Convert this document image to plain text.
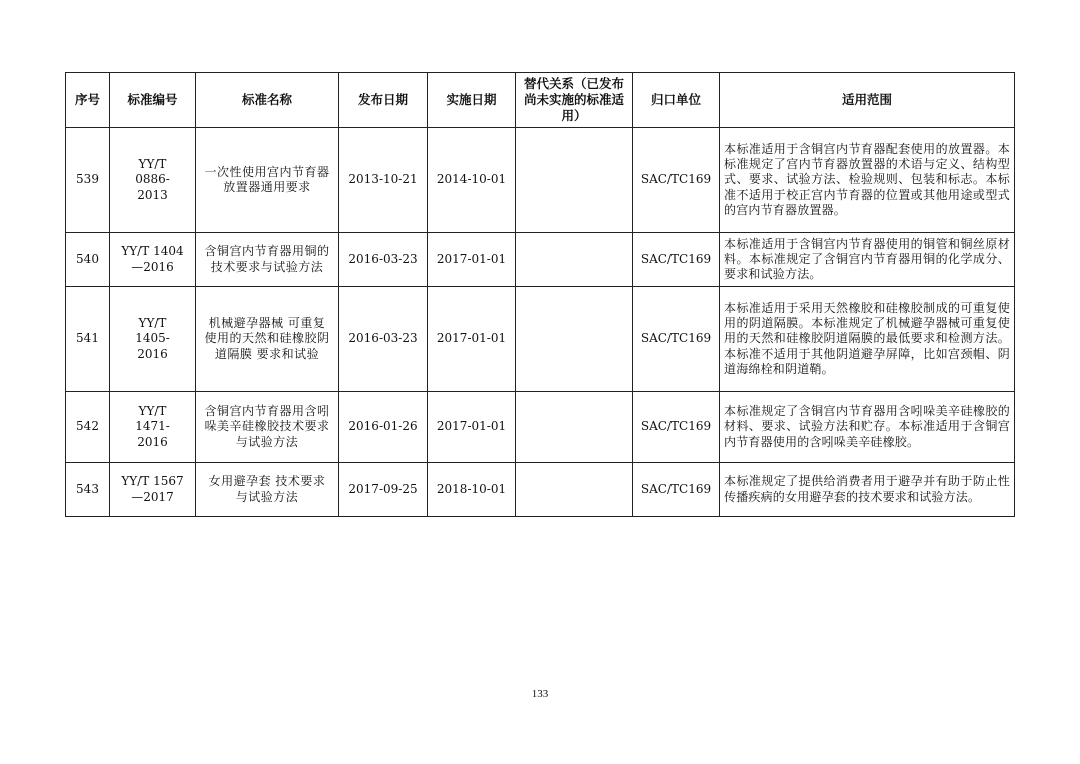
序号	标准编号	标准名称	发布日期	实施日期	替代关系（已发布尚未实施的标准适用）	归口单位	适用范围
539	YY/T 0886-2013	一次性使用宫内节育器放置器通用要求	2013-10-21	2014-10-01		SAC/TC169	本标准适用于含铜宫内节育器配套使用的放置器。本标准规定了宫内节育器放置器的术语与定义、结构型式、要求、试验方法、检验规则、包装和标志。本标准不适用于校正宫内节育器的位置或其他用途或型式的宫内节育器放置器。
540	YY/T 1404—2016	含铜宫内节育器用铜的技术要求与试验方法	2016-03-23	2017-01-01		SAC/TC169	本标准适用于含铜宫内节育器使用的铜管和铜丝原材料。本标准规定了含铜宫内节育器用铜的化学成分、要求和试验方法。
541	YY/T 1405-2016	机械避孕器械 可重复使用的天然和硅橡胶阴道隔膜 要求和试验	2016-03-23	2017-01-01		SAC/TC169	本标准适用于采用天然橡胶和硅橡胶制成的可重复使用的阴道隔膜。本标准规定了机械避孕器械可重复使用的天然和硅橡胶阴道隔膜的最低要求和检测方法。本标准不适用于其他阴道避孕屏障，比如宫颈帽、阴道海绵栓和阴道鞘。
542	YY/T 1471-2016	含铜宫内节育器用含吲哚美辛硅橡胶技术要求与试验方法	2016-01-26	2017-01-01		SAC/TC169	本标准规定了含铜宫内节育器用含吲哚美辛硅橡胶的材料、要求、试验方法和贮存。本标准适用于含铜宫内节育器使用的含吲哚美辛硅橡胶。
543	YY/T 1567—2017	女用避孕套 技术要求与试验方法	2017-09-25	2018-10-01		SAC/TC169	本标准规定了提供给消费者用于避孕并有助于防止性传播疾病的女用避孕套的技术要求和试验方法。
133
